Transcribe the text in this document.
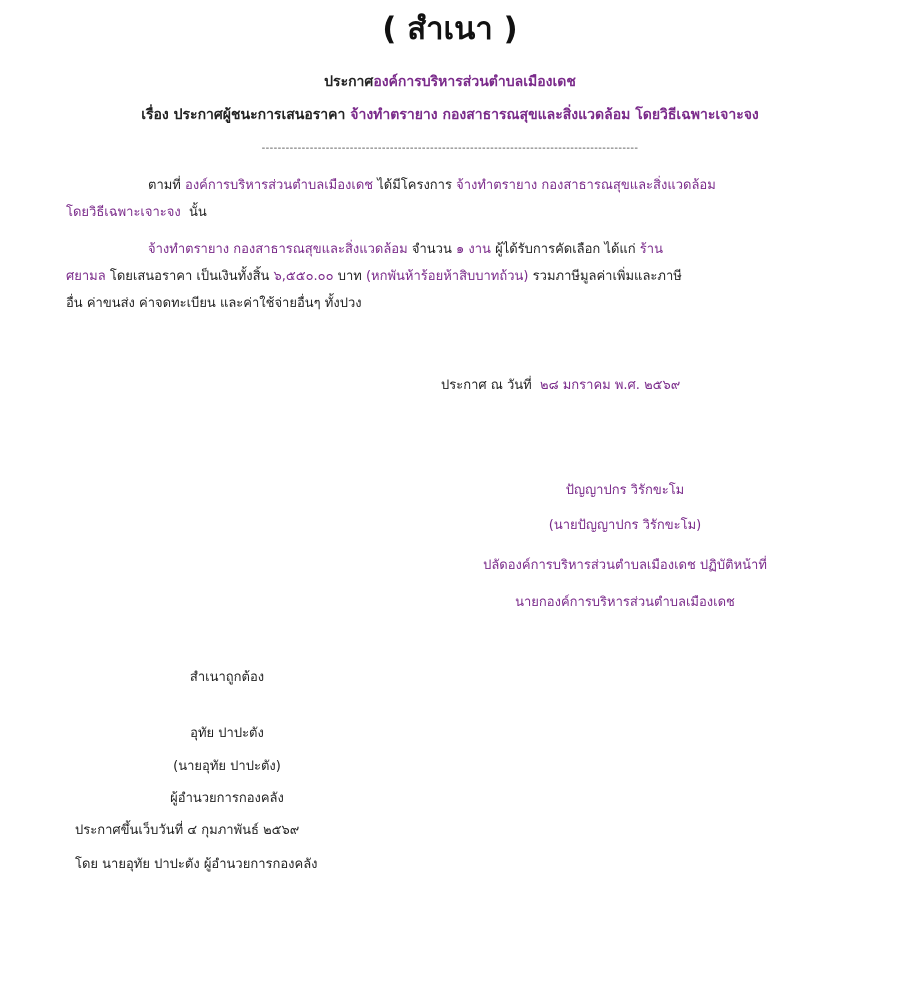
( สำเนา )
ประกาศองค์การบริหารส่วนตำบลเมืองเดช
เรื่อง ประกาศผู้ชนะการเสนอราคา จ้างทำตรายาง กองสาธารณสุขและสิ่งแวดล้อม โดยวิธีเฉพาะเจาะจง
----------------------------------------------------------------------------------------------
ตามที่ องค์การบริหารส่วนตำบลเมืองเดช ได้มีโครงการ จ้างทำตรายาง กองสาธารณสุขและสิ่งแวดล้อม
โดยวิธีเฉพาะเจาะจง นั้น
จ้างทำตรายาง กองสาธารณสุขและสิ่งแวดล้อม จำนวน ๑ งาน ผู้ได้รับการคัดเลือก ได้แก่ ร้าน
ศยามล โดยเสนอราคา เป็นเงินทั้งสิ้น ๖,๕๕๐.๐๐ บาท (หกพันห้าร้อยห้าสิบบาทถ้วน) รวมภาษีมูลค่าเพิ่มและภาษี
อื่น ค่าขนส่ง ค่าจดทะเบียน และค่าใช้จ่ายอื่นๆ ทั้งปวง
ประกาศ ณ วันที่ ๒๘ มกราคม พ.ศ. ๒๕๖๙
ปัญญาปกร วิรักขะโม
(นายปัญญาปกร วิรักขะโม)
ปลัดองค์การบริหารส่วนตำบลเมืองเดช ปฏิบัติหน้าที่
นายกองค์การบริหารส่วนตำบลเมืองเดช
สำเนาถูกต้อง
อุทัย ปาปะตัง
(นายอุทัย ปาปะตัง)
ผู้อำนวยการกองคลัง
ประกาศขึ้นเว็บวันที่ ๔ กุมภาพันธ์ ๒๕๖๙
โดย นายอุทัย ปาปะตัง ผู้อำนวยการกองคลัง
